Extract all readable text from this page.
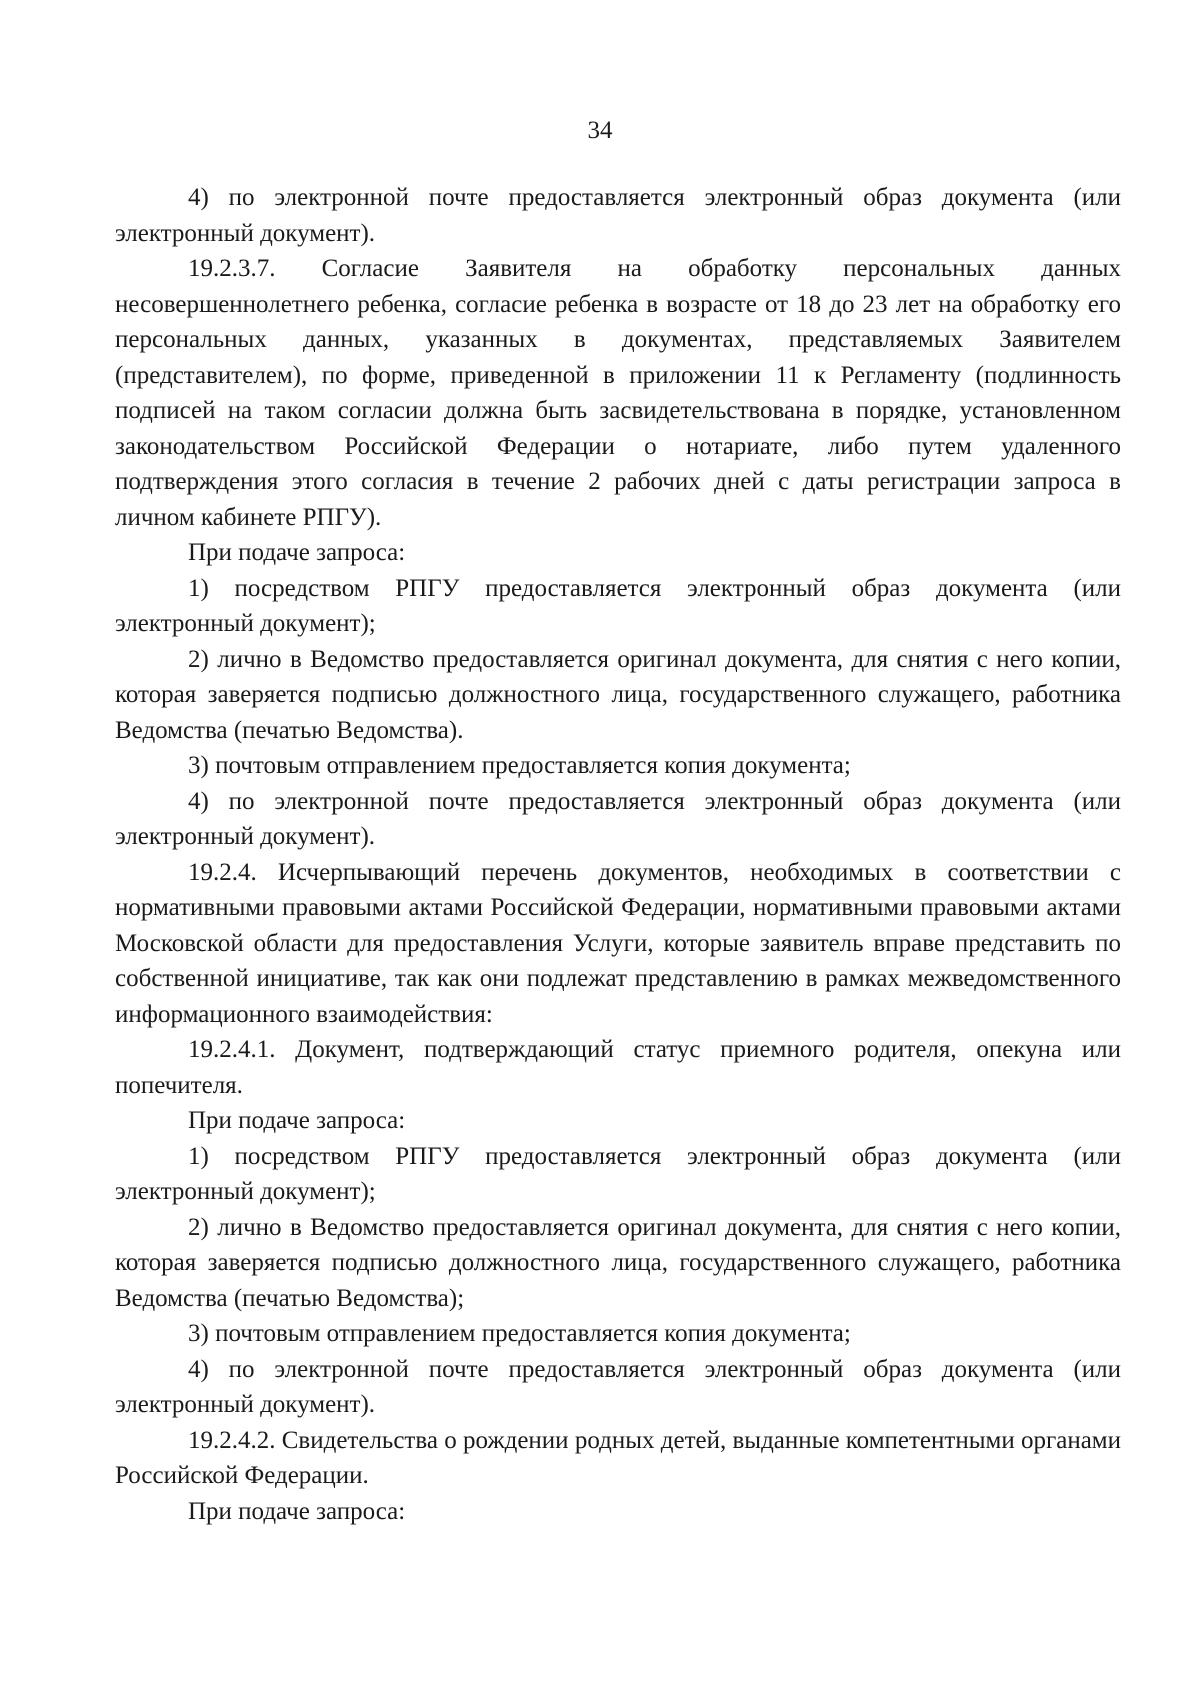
34

4) по электронной почте предоставляется электронный образ документа (или электронный документ).

19.2.3.7. Согласие Заявителя на обработку персональных данных несовершеннолетнего ребенка, согласие ребенка в возрасте от 18 до 23 лет на обработку его персональных данных, указанных в документах, представляемых Заявителем (представителем), по форме, приведенной в приложении 11 к Регламенту (подлинность подписей на таком согласии должна быть засвидетельствована в порядке, установленном законодательством Российской Федерации о нотариате, либо путем удаленного подтверждения этого согласия в течение 2 рабочих дней с даты регистрации запроса в личном кабинете РПГУ).

При подаче запроса:

1) посредством РПГУ предоставляется электронный образ документа (или электронный документ);

2) лично в Ведомство предоставляется оригинал документа, для снятия с него копии, которая заверяется подписью должностного лица, государственного служащего, работника Ведомства (печатью Ведомства).

3) почтовым отправлением предоставляется копия документа;

4) по электронной почте предоставляется электронный образ документа (или электронный документ).

19.2.4. Исчерпывающий перечень документов, необходимых в соответствии с нормативными правовыми актами Российской Федерации, нормативными правовыми актами Московской области для предоставления Услуги, которые заявитель вправе представить по собственной инициативе, так как они подлежат представлению в рамках межведомственного информационного взаимодействия:

19.2.4.1. Документ, подтверждающий статус приемного родителя, опекуна или попечителя.

При подаче запроса:

1) посредством РПГУ предоставляется электронный образ документа (или электронный документ);

2) лично в Ведомство предоставляется оригинал документа, для снятия с него копии, которая заверяется подписью должностного лица, государственного служащего, работника Ведомства (печатью Ведомства);

3) почтовым отправлением предоставляется копия документа;

4) по электронной почте предоставляется электронный образ документа (или электронный документ).

19.2.4.2. Свидетельства о рождении родных детей, выданные компетентными органами Российской Федерации.

При подаче запроса:
